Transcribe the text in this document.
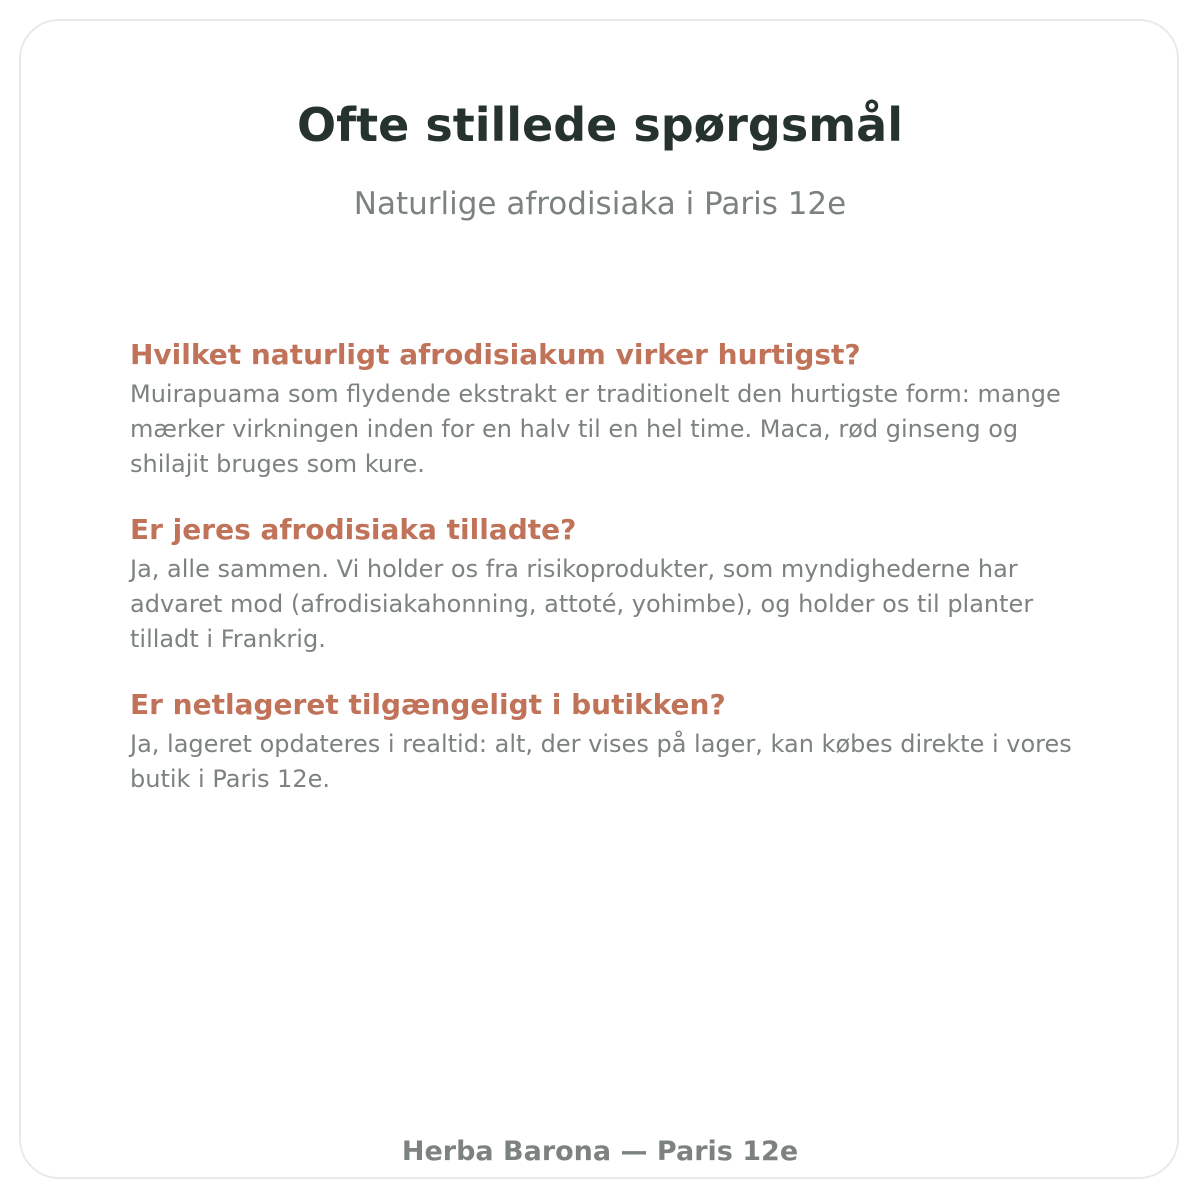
Ofte stillede spørgsmål
Naturlige afrodisiaka i Paris 12e
Hvilket naturligt afrodisiakum virker hurtigst?

Muirapuama som flydende ekstrakt er traditionelt den hurtigste form: mange mærker virkningen inden for en halv til en hel time. Maca, rød ginseng og shilajit bruges som kure.

Er jeres afrodisiaka tilladte?

Ja, alle sammen. Vi holder os fra risikoprodukter, som myndighederne har advaret mod (afrodisiakahonning, attoté, yohimbe), og holder os til planter tilladt i Frankrig.

Er netlageret tilgængeligt i butikken?

Ja, lageret opdateres i realtid: alt, der vises på lager, kan købes direkte i vores butik i Paris 12e.

Herba Barona — Paris 12e
